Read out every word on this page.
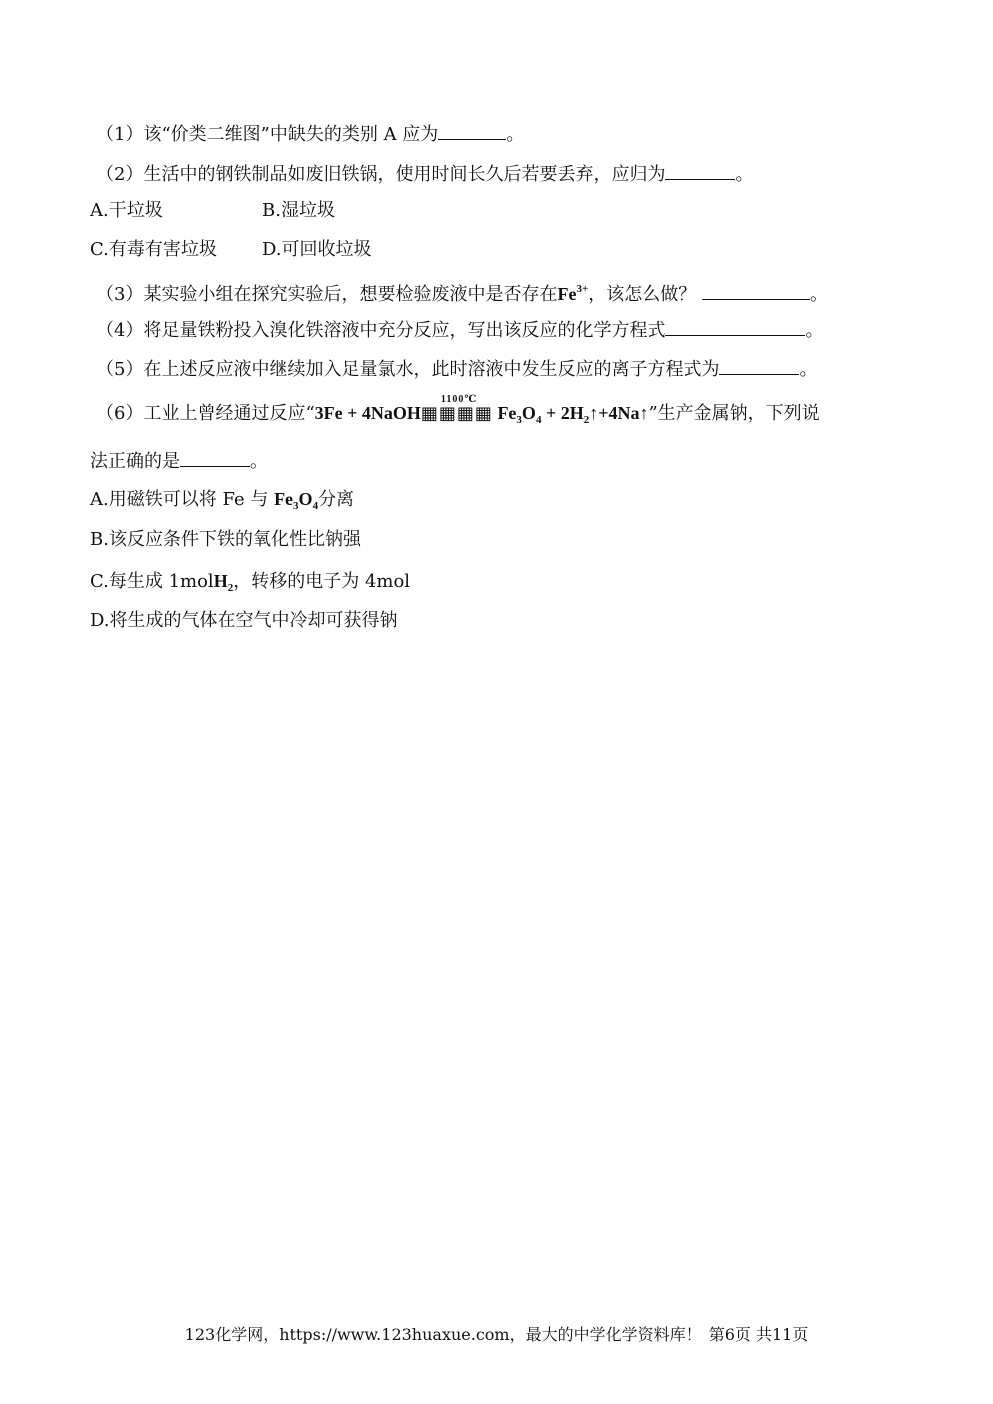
（1）该“价类二维图”中缺失的类别 A 应为	。
（2）生活中的钢铁制品如废旧铁锅，使用时间长久后若要丢弃，应归为	。
A.干垃圾	B.湿垃圾
C.有毒有害垃圾	D.可回收垃圾
（3）某实验小组在探究实验后，想要检验废液中是否存在$Fe^{3+}$，该怎么做？	。
（4）将足量铁粉投入溴化铁溶液中充分反应，写出该反应的化学方程式	。
（5）在上述反应液中继续加入足量氯水，此时溶液中发生反应的离子方程式为	。
（6）工业上曾经通过反应“3Fe + 4NaOH
1100℃
▦▦▦▦ $Fe_3O_4$ + $2H_2↑+4Na↑$”生产金属钠，下列说
法正确的是	。
A.用磁铁可以将 Fe 与 $Fe_3O_4$分离
B.该反应条件下铁的氧化性比钠强
C.每生成 1molH$_2$，转移的电子为 4mol
D.将生成的气体在空气中冷却可获得钠
123化学网，https://www.123huaxue.com，最大的中学化学资料库！ 第6页 共11页
